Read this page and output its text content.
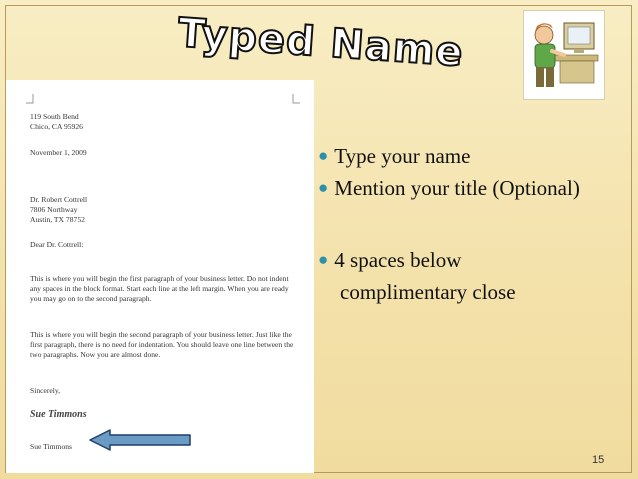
Typed Name
119 South Bend
Chico, CA 95926
November 1, 2009
Dr. Robert Cottrell
7806 Northway
Austin, TX 78752
Dear Dr. Cottrell:
This is where you will begin the first paragraph of your business letter. Do not indent any spaces in the block format. Start each line at the left margin. When you are ready you may go on to the second paragraph.
This is where you will begin the second paragraph of your business letter. Just like the first paragraph, there is no need for indentation. You should leave one line between the two paragraphs. Now you are almost done.
Sincerely,
Sue Timmons
Sue Timmons
● Type your name
● Mention your title (Optional)
● 4 spaces below
complimentary close
15
